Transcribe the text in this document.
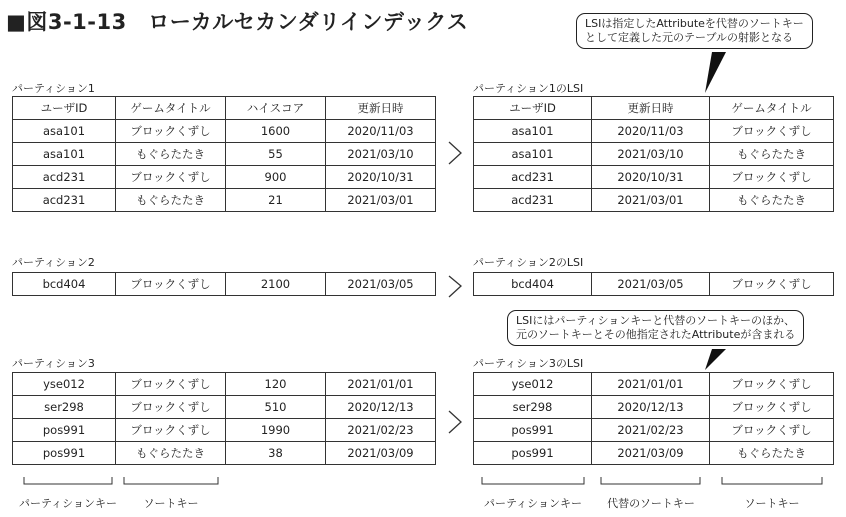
■図3-1-13　ローカルセカンダリインデックス	LSIは指定したAttributeを代替のソートキー
として定義した元のテーブルの射影となる
LSIにはパーティションキーと代替のソートキーのほか、
元のソートキーとその他指定されたAttributeが含まれる
パーティション1
パーティション2
パーティション3
パーティション1のLSI
パーティション2のLSI
パーティション3のLSI
ユーザID	ゲームタイトル	ハイスコア	更新日時
asa101	ブロックくずし	1600	2020/11/03
asa101	もぐらたたき	55	2021/03/10
acd231	ブロックくずし	900	2020/10/31
acd231	もぐらたたき	21	2021/03/01
bcd404	ブロックくずし	2100	2021/03/05
yse012	ブロックくずし	120	2021/01/01
ser298	ブロックくずし	510	2020/12/13
pos991	ブロックくずし	1990	2021/02/23
pos991	もぐらたたき	38	2021/03/09
ユーザID	更新日時	ゲームタイトル
asa101	2020/11/03	ブロックくずし
asa101	2021/03/10	もぐらたたき
acd231	2020/10/31	ブロックくずし
acd231	2021/03/01	もぐらたたき
bcd404	2021/03/05	ブロックくずし
yse012	2021/01/01	ブロックくずし
ser298	2020/12/13	ブロックくずし
pos991	2021/02/23	ブロックくずし
pos991	2021/03/09	もぐらたたき
パーティションキー	ソートキー	パーティションキー	代替のソートキー	ソートキー
